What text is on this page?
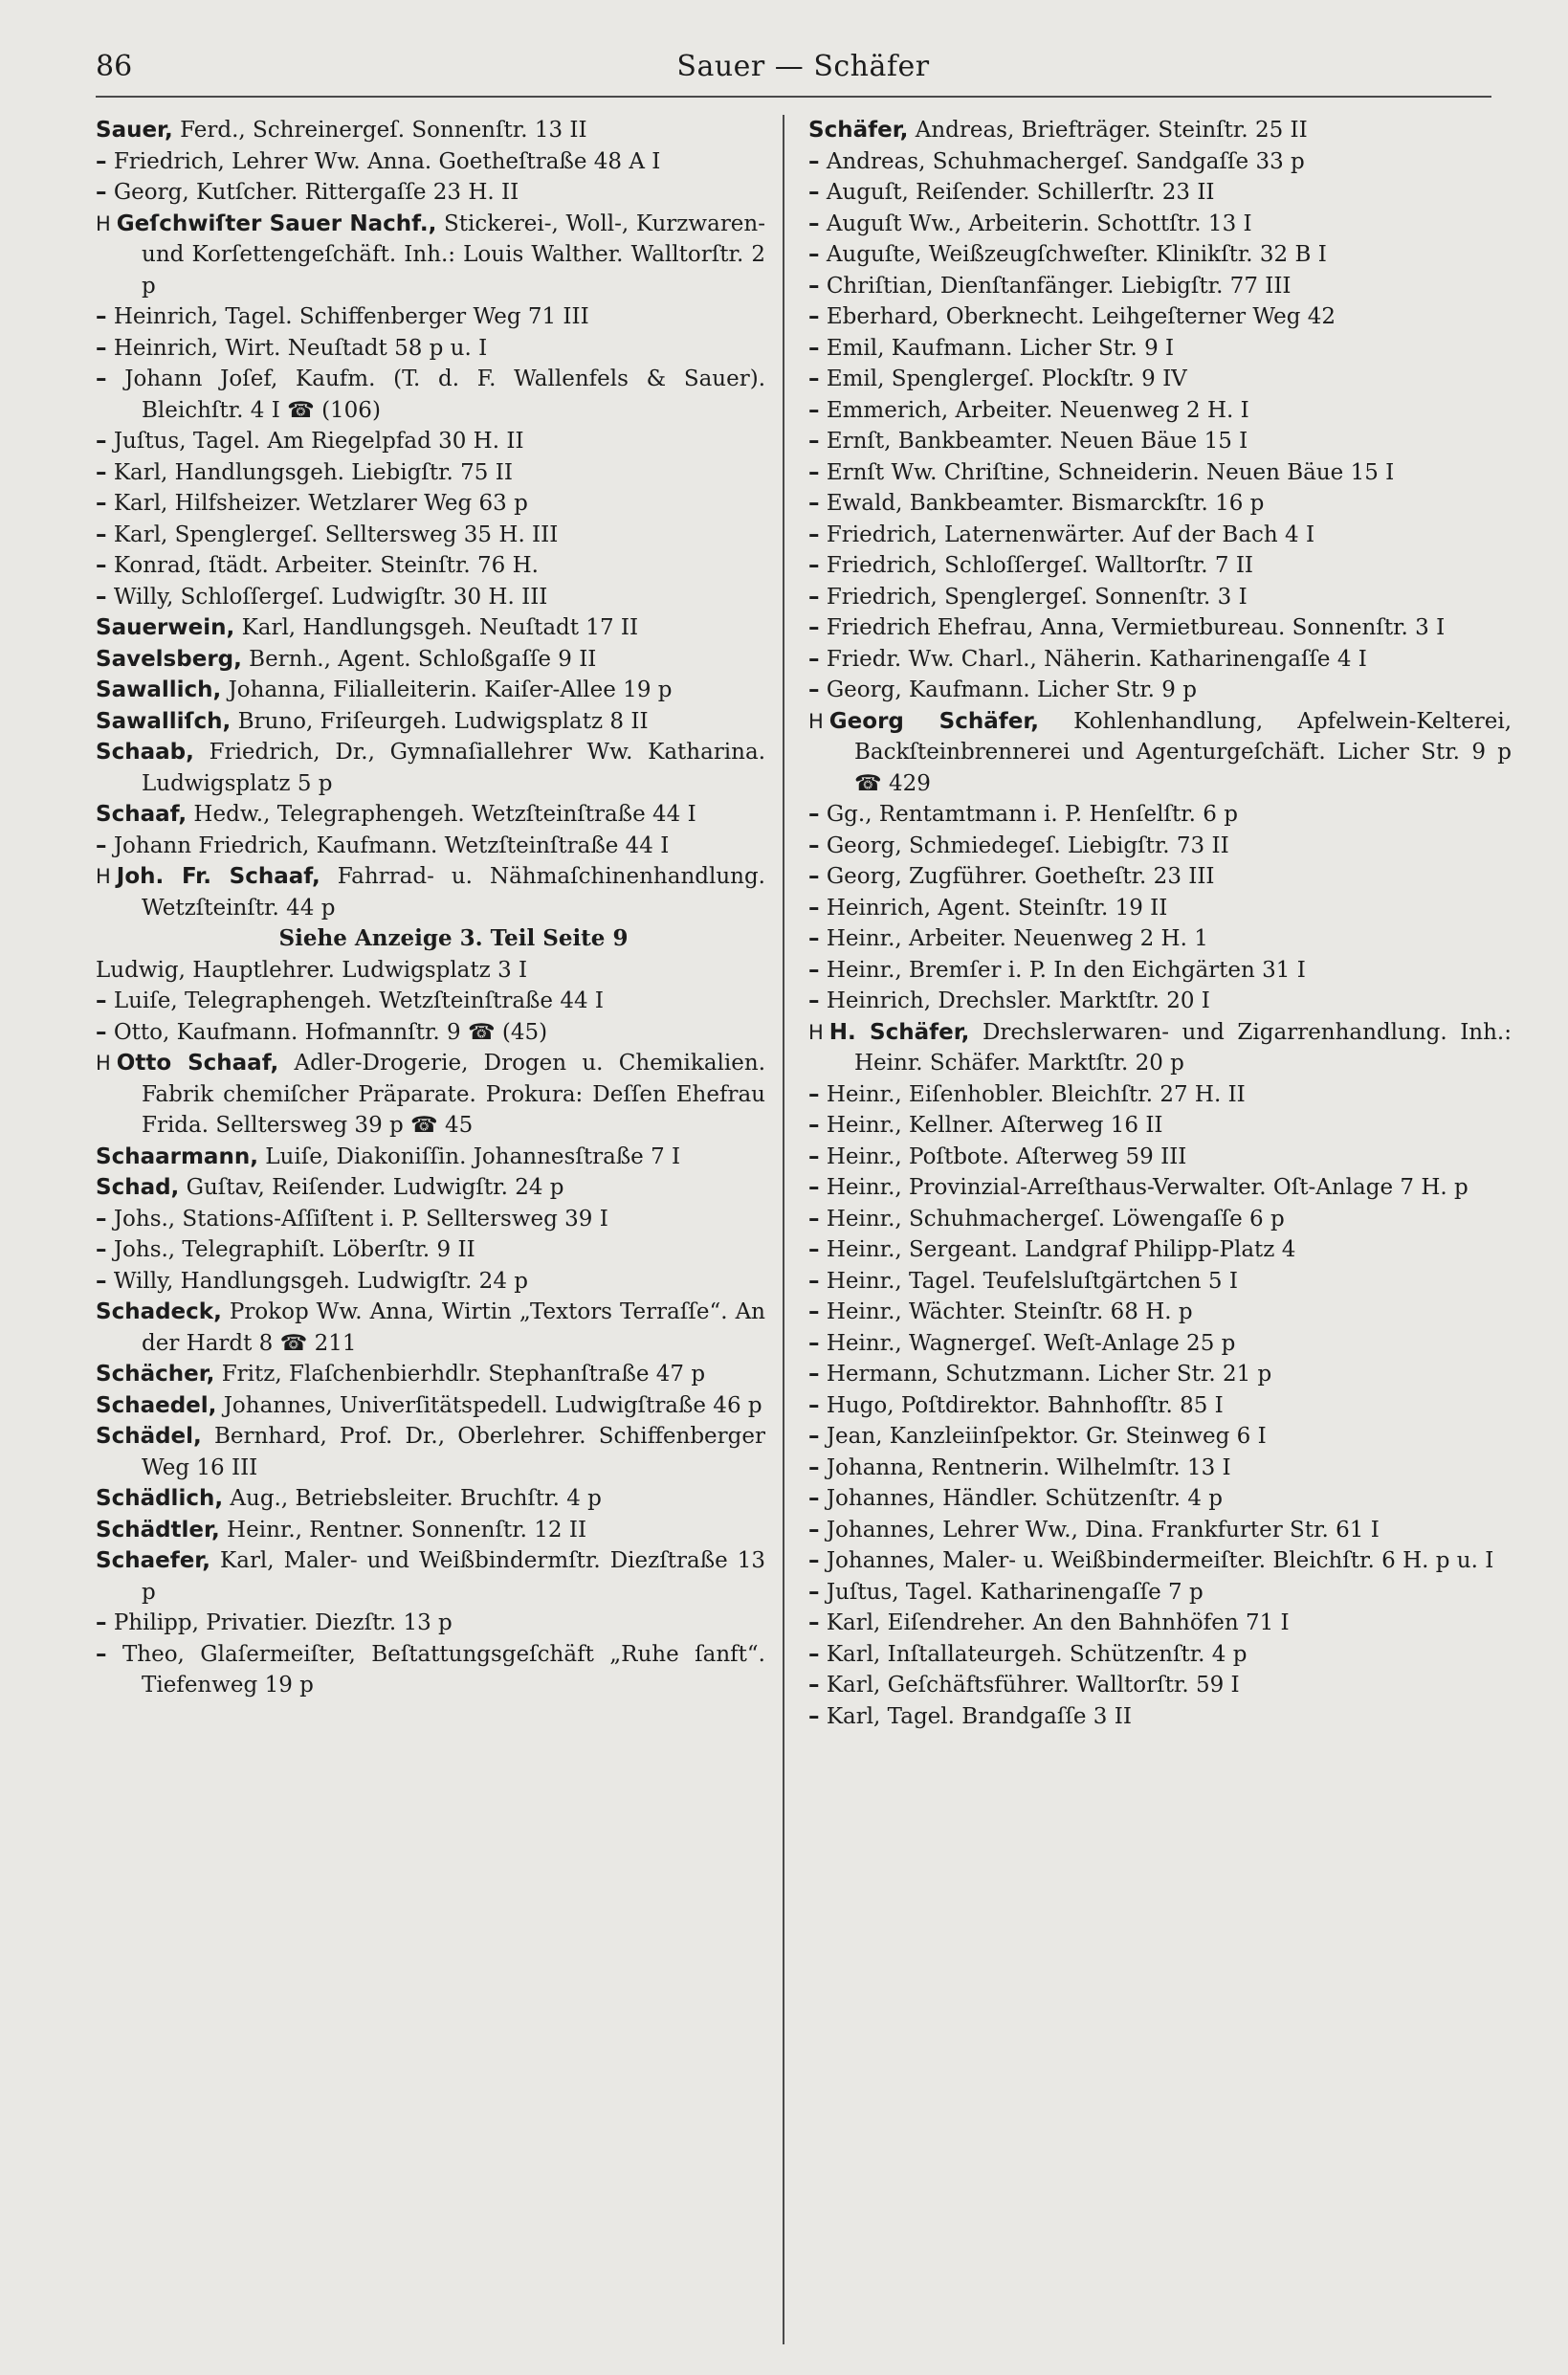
86	Sauer — Schäfer

Sauer, Ferd., Schreinergeſ. Sonnenſtr. 13 II

– Friedrich, Lehrer Ww. Anna. Goetheſtraße 48 A I

– Georg, Kutſcher. Rittergaſſe 23 H. II

H Geſchwiſter Sauer Nachf., Stickerei-, Woll-, Kurzwaren- und Korſettengeſchäft. Inh.: Louis Walther. Walltorſtr. 2 p

– Heinrich, Tagel. Schiffenberger Weg 71 III

– Heinrich, Wirt. Neuſtadt 58 p u. I

– Johann Joſef, Kaufm. (T. d. F. Wallenfels & Sauer). Bleichſtr. 4 I ☎ (106)

– Juſtus, Tagel. Am Riegelpfad 30 H. II

– Karl, Handlungsgeh. Liebigſtr. 75 II

– Karl, Hilfsheizer. Wetzlarer Weg 63 p

– Karl, Spenglergeſ. Selltersweg 35 H. III

– Konrad, ſtädt. Arbeiter. Steinſtr. 76 H.

– Willy, Schloſſergeſ. Ludwigſtr. 30 H. III

Sauerwein, Karl, Handlungsgeh. Neuſtadt 17 II

Savelsberg, Bernh., Agent. Schloßgaſſe 9 II

Sawallich, Johanna, Filialleiterin. Kaiſer-Allee 19 p

Sawalliſch, Bruno, Friſeurgeh. Ludwigsplatz 8 II

Schaab, Friedrich, Dr., Gymnaſiallehrer Ww. Katharina. Ludwigsplatz 5 p

Schaaf, Hedw., Telegraphengeh. Wetzſteinſtraße 44 I

– Johann Friedrich, Kaufmann. Wetzſteinſtraße 44 I

H Joh. Fr. Schaaf, Fahrrad- u. Nähmaſchinenhandlung. Wetzſteinſtr. 44 p

Siehe Anzeige 3. Teil Seite 9

Ludwig, Hauptlehrer. Ludwigsplatz 3 I

– Luiſe, Telegraphengeh. Wetzſteinſtraße 44 I

– Otto, Kaufmann. Hofmannſtr. 9 ☎ (45)

H Otto Schaaf, Adler-Drogerie, Drogen u. Chemikalien. Fabrik chemiſcher Präparate. Prokura: Deſſen Ehefrau Frida. Selltersweg 39 p ☎ 45

Schaarmann, Luiſe, Diakoniſſin. Johannesſtraße 7 I

Schad, Guſtav, Reiſender. Ludwigſtr. 24 p

– Johs., Stations-Aſſiſtent i. P. Selltersweg 39 I

– Johs., Telegraphiſt. Löberſtr. 9 II

– Willy, Handlungsgeh. Ludwigſtr. 24 p

Schadeck, Prokop Ww. Anna, Wirtin „Textors Terraſſe“. An der Hardt 8 ☎ 211

Schächer, Fritz, Flaſchenbierhdlr. Stephanſtraße 47 p

Schaedel, Johannes, Univerſitätspedell. Ludwigſtraße 46 p

Schädel, Bernhard, Prof. Dr., Oberlehrer. Schiffenberger Weg 16 III

Schädlich, Aug., Betriebsleiter. Bruchſtr. 4 p

Schädtler, Heinr., Rentner. Sonnenſtr. 12 II

Schaefer, Karl, Maler- und Weißbindermſtr. Diezſtraße 13 p

– Philipp, Privatier. Diezſtr. 13 p

– Theo, Glaſermeiſter, Beſtattungsgeſchäft „Ruhe ſanft“. Tiefenweg 19 p

Schäfer, Andreas, Briefträger. Steinſtr. 25 II

– Andreas, Schuhmachergeſ. Sandgaſſe 33 p

– Auguſt, Reiſender. Schillerſtr. 23 II

– Auguſt Ww., Arbeiterin. Schottſtr. 13 I

– Auguſte, Weißzeugſchweſter. Klinikſtr. 32 B I

– Chriſtian, Dienſtanfänger. Liebigſtr. 77 III

– Eberhard, Oberknecht. Leihgeſterner Weg 42

– Emil, Kaufmann. Licher Str. 9 I

– Emil, Spenglergeſ. Plockſtr. 9 IV

– Emmerich, Arbeiter. Neuenweg 2 H. I

– Ernſt, Bankbeamter. Neuen Bäue 15 I

– Ernſt Ww. Chriſtine, Schneiderin. Neuen Bäue 15 I

– Ewald, Bankbeamter. Bismarckſtr. 16 p

– Friedrich, Laternenwärter. Auf der Bach 4 I

– Friedrich, Schloſſergeſ. Walltorſtr. 7 II

– Friedrich, Spenglergeſ. Sonnenſtr. 3 I

– Friedrich Ehefrau, Anna, Vermietbureau. Sonnenſtr. 3 I

– Friedr. Ww. Charl., Näherin. Katharinengaſſe 4 I

– Georg, Kaufmann. Licher Str. 9 p

H Georg Schäfer, Kohlenhandlung, Apfelwein-Kelterei, Backſteinbrennerei und Agenturgeſchäft. Licher Str. 9 p ☎ 429

– Gg., Rentamtmann i. P. Henſelſtr. 6 p

– Georg, Schmiedegeſ. Liebigſtr. 73 II

– Georg, Zugführer. Goetheſtr. 23 III

– Heinrich, Agent. Steinſtr. 19 II

– Heinr., Arbeiter. Neuenweg 2 H. 1

– Heinr., Bremſer i. P. In den Eichgärten 31 I

– Heinrich, Drechsler. Marktſtr. 20 I

H H. Schäfer, Drechslerwaren- und Zigarrenhandlung. Inh.: Heinr. Schäfer. Marktſtr. 20 p

– Heinr., Eiſenhobler. Bleichſtr. 27 H. II

– Heinr., Kellner. Aſterweg 16 II

– Heinr., Poſtbote. Aſterweg 59 III

– Heinr., Provinzial-Arreſthaus-Verwalter. Oſt-Anlage 7 H. p

– Heinr., Schuhmachergeſ. Löwengaſſe 6 p

– Heinr., Sergeant. Landgraf Philipp-Platz 4

– Heinr., Tagel. Teufelsluſtgärtchen 5 I

– Heinr., Wächter. Steinſtr. 68 H. p

– Heinr., Wagnergeſ. Weſt-Anlage 25 p

– Hermann, Schutzmann. Licher Str. 21 p

– Hugo, Poſtdirektor. Bahnhofſtr. 85 I

– Jean, Kanzleiinſpektor. Gr. Steinweg 6 I

– Johanna, Rentnerin. Wilhelmſtr. 13 I

– Johannes, Händler. Schützenſtr. 4 p

– Johannes, Lehrer Ww., Dina. Frankfurter Str. 61 I

– Johannes, Maler- u. Weißbindermeiſter. Bleichſtr. 6 H. p u. I

– Juſtus, Tagel. Katharinengaſſe 7 p

– Karl, Eiſendreher. An den Bahnhöfen 71 I

– Karl, Inſtallateurgeh. Schützenſtr. 4 p

– Karl, Geſchäftsführer. Walltorſtr. 59 I

– Karl, Tagel. Brandgaſſe 3 II
